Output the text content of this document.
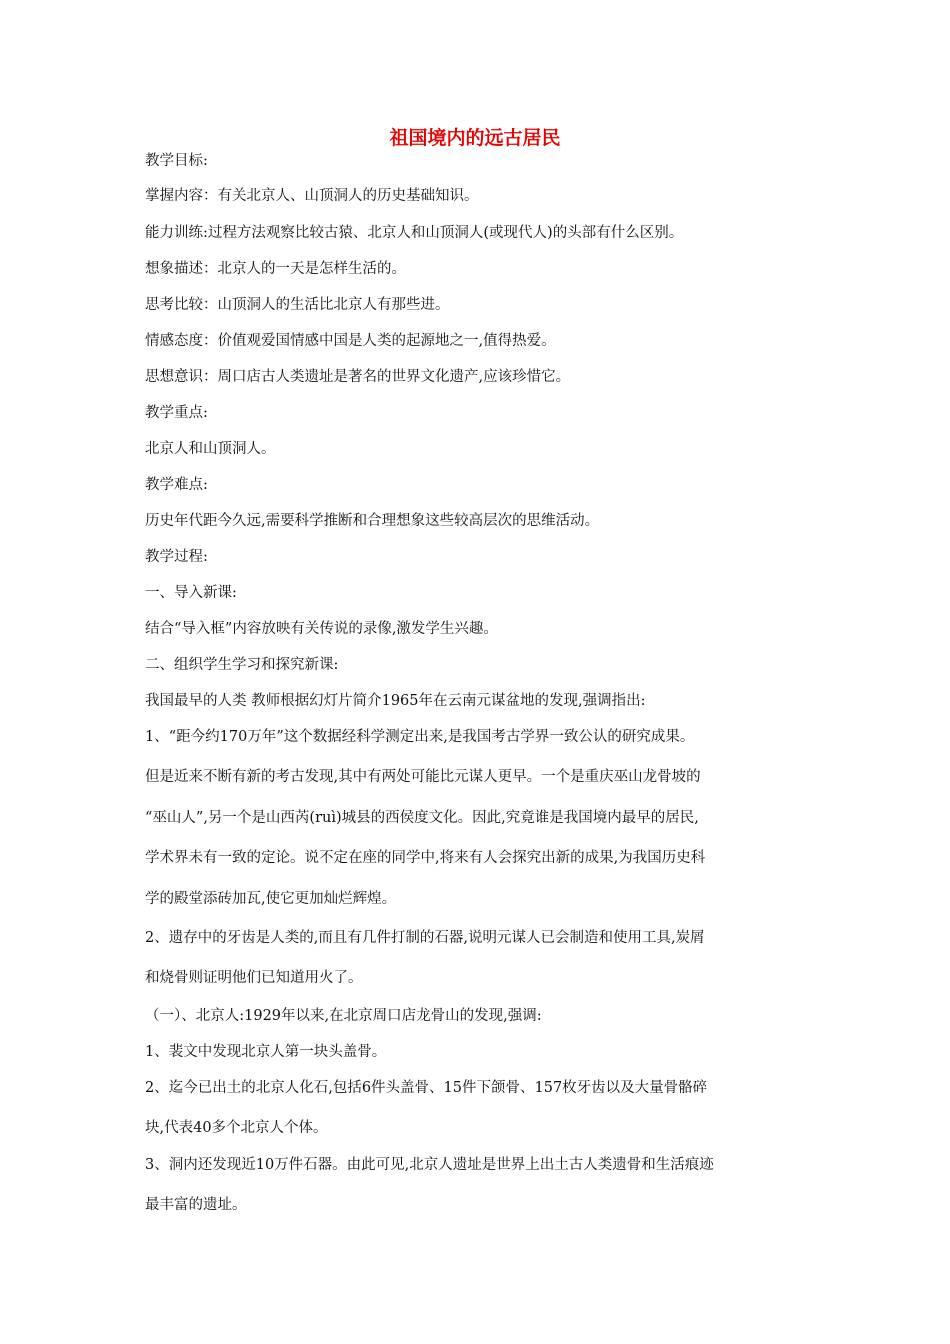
祖国境内的远古居民
教学目标:
掌握内容：有关北京人、山顶洞人的历史基础知识。
能力训练:过程方法观察比较古猿、北京人和山顶洞人(或现代人)的头部有什么区别。
想象描述：北京人的一天是怎样生活的。
思考比较：山顶洞人的生活比北京人有那些进。
情感态度：价值观爱国情感中国是人类的起源地之一,值得热爱。
思想意识：周口店古人类遗址是著名的世界文化遗产,应该珍惜它。
教学重点:
北京人和山顶洞人。
教学难点:
历史年代距今久远,需要科学推断和合理想象这些较高层次的思维活动。
教学过程:
一、导入新课:
结合“导入框”内容放映有关传说的录像,激发学生兴趣。
二、组织学生学习和探究新课:
我国最早的人类 教师根据幻灯片简介1965年在云南元谋盆地的发现,强调指出:
1、“距今约170万年”这个数据经科学测定出来,是我国考古学界一致公认的研究成果。
但是近来不断有新的考古发现,其中有两处可能比元谋人更早。一个是重庆巫山龙骨坡的
“巫山人”,另一个是山西芮(ruì)城县的西侯度文化。因此,究竟谁是我国境内最早的居民,
学术界未有一致的定论。说不定在座的同学中,将来有人会探究出新的成果,为我国历史科
学的殿堂添砖加瓦,使它更加灿烂辉煌。
2、遗存中的牙齿是人类的,而且有几件打制的石器,说明元谋人已会制造和使用工具,炭屑
和烧骨则证明他们已知道用火了。
（一）、北京人:1929年以来,在北京周口店龙骨山的发现,强调:
1、裴文中发现北京人第一块头盖骨。
2、迄今已出土的北京人化石,包括6件头盖骨、15件下颌骨、157枚牙齿以及大量骨骼碎
块,代表40多个北京人个体。
3、洞内还发现近10万件石器。由此可见,北京人遗址是世界上出土古人类遗骨和生活痕迹
最丰富的遗址。
